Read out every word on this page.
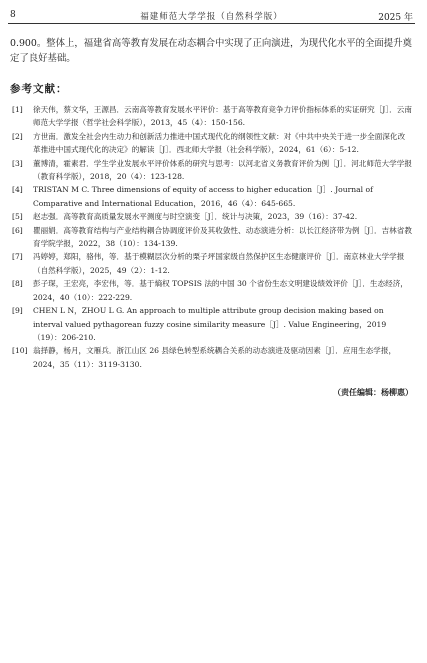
8	福建师范大学学报（自然科学版）	2025 年
0.900。整体上，福建省高等教育发展在动态耦合中实现了正向演进，为现代化水平的全面提升奠定了良好基础。
参考文献：
[1] 徐天伟，蔡文华，王源昌．云南高等教育发展水平评价：基于高等教育竞争力评价指标体系的实证研究［J］．云南师范大学学报（哲学社会科学版），2013，45（4）：150-156.
[2] 方世南．激发全社会内生动力和创新活力推进中国式现代化的纲领性文献：对《中共中央关于进一步全面深化改革推进中国式现代化的决定》的解读［J］．西北师大学报（社会科学版），2024，61（6）：5-12.
[3] 董博清，霍素君．学生学业发展水平评价体系的研究与思考：以河北省义务教育评价为例［J］．河北师范大学学报（教育科学版），2018，20（4）：123-128.
[4] TRISTAN M C. Three dimensions of equity of access to higher education［J］. Journal of Comparative and International Education，2016，46（4）：645-665.
[5] 赵志强．高等教育高质量发展水平测度与时空演变［J］．统计与决策，2023，39（16）：37-42.
[6] 瞿丽娟．高等教育结构与产业结构耦合协调度评价及其收敛性、动态演进分析：以长江经济带为例［J］．吉林省教育学院学报，2022，38（10）：134-139.
[7] 冯婷婷，郑阳，骆伟，等．基于模糊层次分析的栗子坪国家级自然保护区生态健康评价［J］．南京林业大学学报（自然科学版），2025，49（2）：1-12.
[8] 彭子琛，王宏亮，李宏伟，等．基于熵权 TOPSIS 法的中国 30 个省份生态文明建设绩效评价［J］．生态经济，2024，40（10）：222-229.
[9] CHEN L N，ZHOU L G. An approach to multiple attribute group decision making based on interval valued pythagorean fuzzy cosine similarity measure［J］. Value Engineering，2019（19）：206-210.
[10] 翁择静，杨月，文雁兵．浙江山区 26 县绿色转型系统耦合关系的动态演进及驱动因素［J］．应用生态学报，2024，35（11）：3119-3130.
（责任编辑：杨柳惠）
